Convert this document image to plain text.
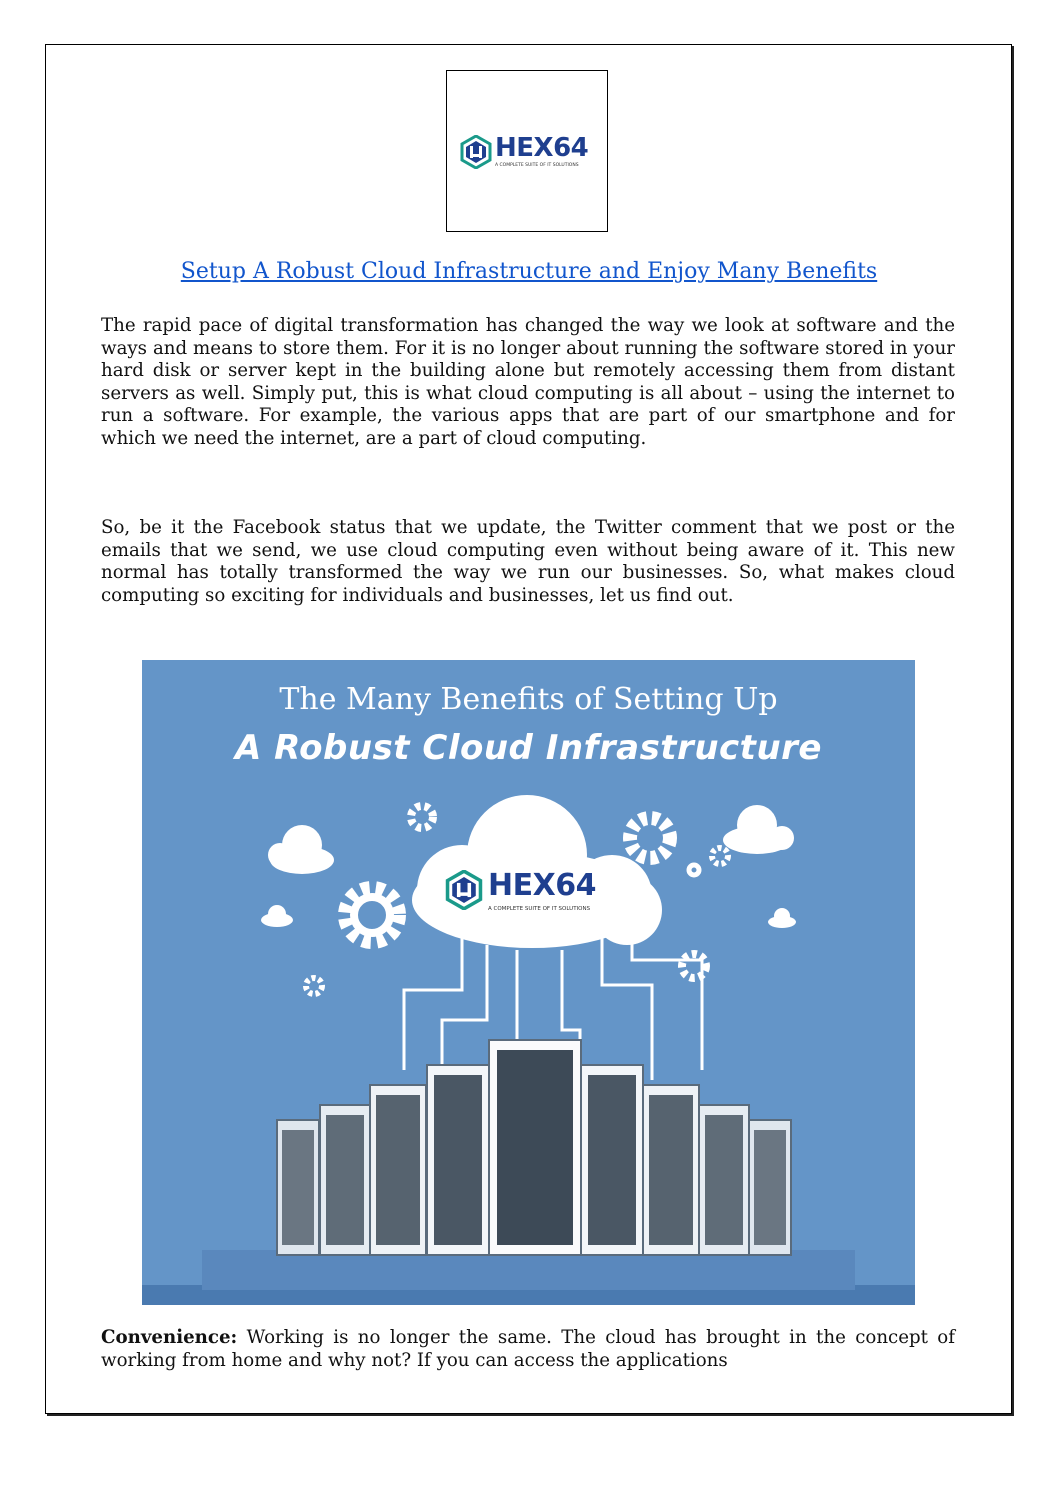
HEX64
A COMPLETE SUITE OF IT SOLUTIONS
Setup A Robust Cloud Infrastructure and Enjoy Many Benefits

The rapid pace of digital transformation has changed the way we look at software and the ways and means to store them. For it is no longer about running the software stored in your hard disk or server kept in the building alone but remotely accessing them from distant servers as well. Simply put, this is what cloud computing is all about – using the internet to run a software. For example, the various apps that are part of our smartphone and for which we need the internet, are a part of cloud computing.

So, be it the Facebook status that we update, the Twitter comment that we post or the emails that we send, we use cloud computing even without being aware of it. This new normal has totally transformed the way we run our businesses. So, what makes cloud computing so exciting for individuals and businesses, let us find out.

The Many Benefits of Setting Up
A Robust Cloud Infrastructure
HEX64
A COMPLETE SUITE OF IT SOLUTIONS

Convenience: Working is no longer the same. The cloud has brought in the concept of working from home and why not? If you can access the applications
